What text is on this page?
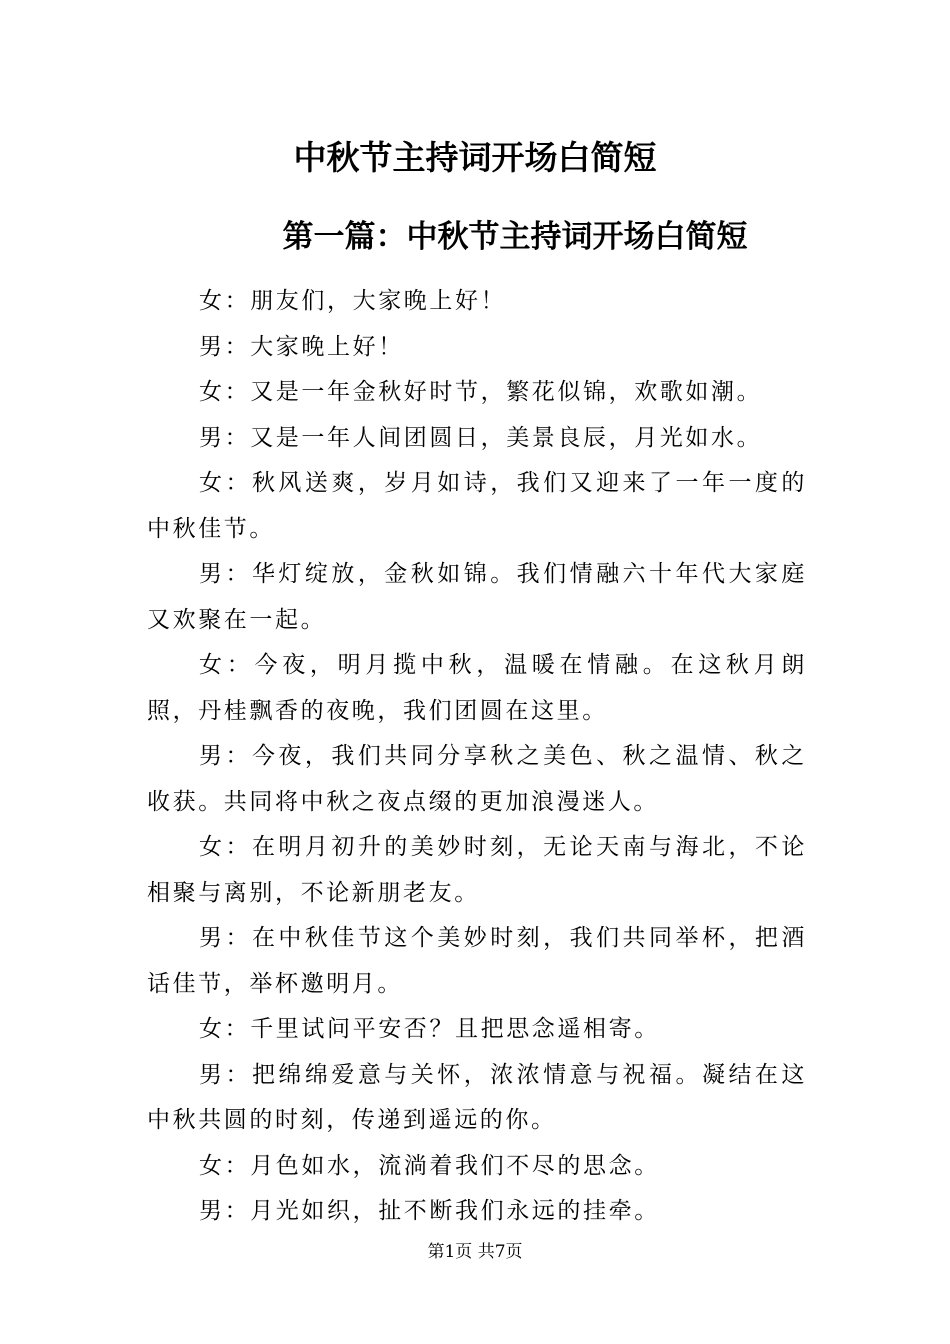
中秋节主持词开场白简短
第一篇：中秋节主持词开场白简短

女：朋友们，大家晚上好！

男：大家晚上好！

女：又是一年金秋好时节，繁花似锦，欢歌如潮。

男：又是一年人间团圆日，美景良辰，月光如水。

女：秋风送爽，岁月如诗，我们又迎来了一年一度的中秋佳节。

男：华灯绽放，金秋如锦。我们情融六十年代大家庭又欢聚在一起。

女：今夜，明月揽中秋，温暖在情融。在这秋月朗照，丹桂飘香的夜晚，我们团圆在这里。

男：今夜，我们共同分享秋之美色、秋之温情、秋之收获。共同将中秋之夜点缀的更加浪漫迷人。

女：在明月初升的美妙时刻，无论天南与海北，不论相聚与离别，不论新朋老友。

男：在中秋佳节这个美妙时刻，我们共同举杯，把酒话佳节，举杯邀明月。

女：千里试问平安否？且把思念遥相寄。

男：把绵绵爱意与关怀，浓浓情意与祝福。凝结在这中秋共圆的时刻，传递到遥远的你。

女：月色如水，流淌着我们不尽的思念。

男：月光如织，扯不断我们永远的挂牵。

第1页 共7页
